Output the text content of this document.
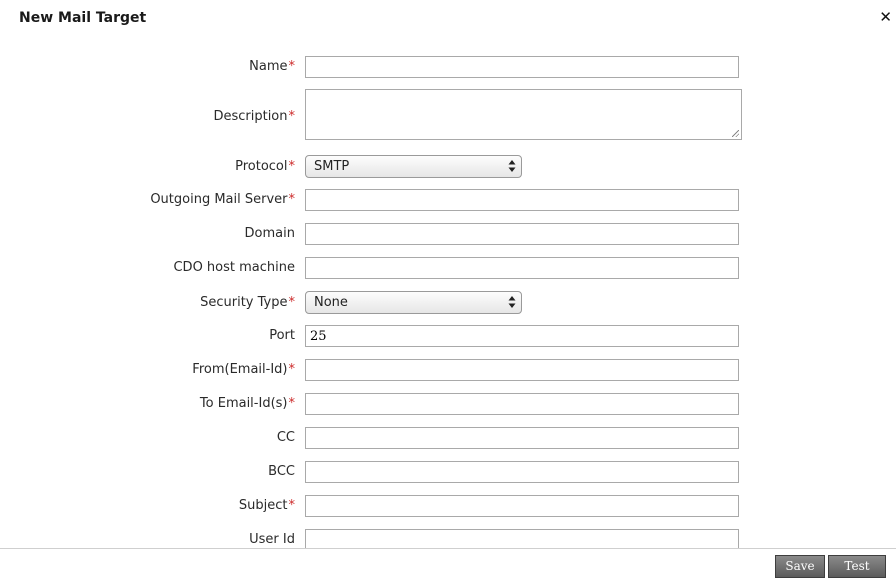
New Mail Target	✕
Name*
Description*
Protocol* SMTP
Outgoing Mail Server*
Domain
CDO host machine
Security Type* None
Port
25
From(Email-Id)*
To Email-Id(s)*
CC
BCC
Subject*
User Id
Save	Test
